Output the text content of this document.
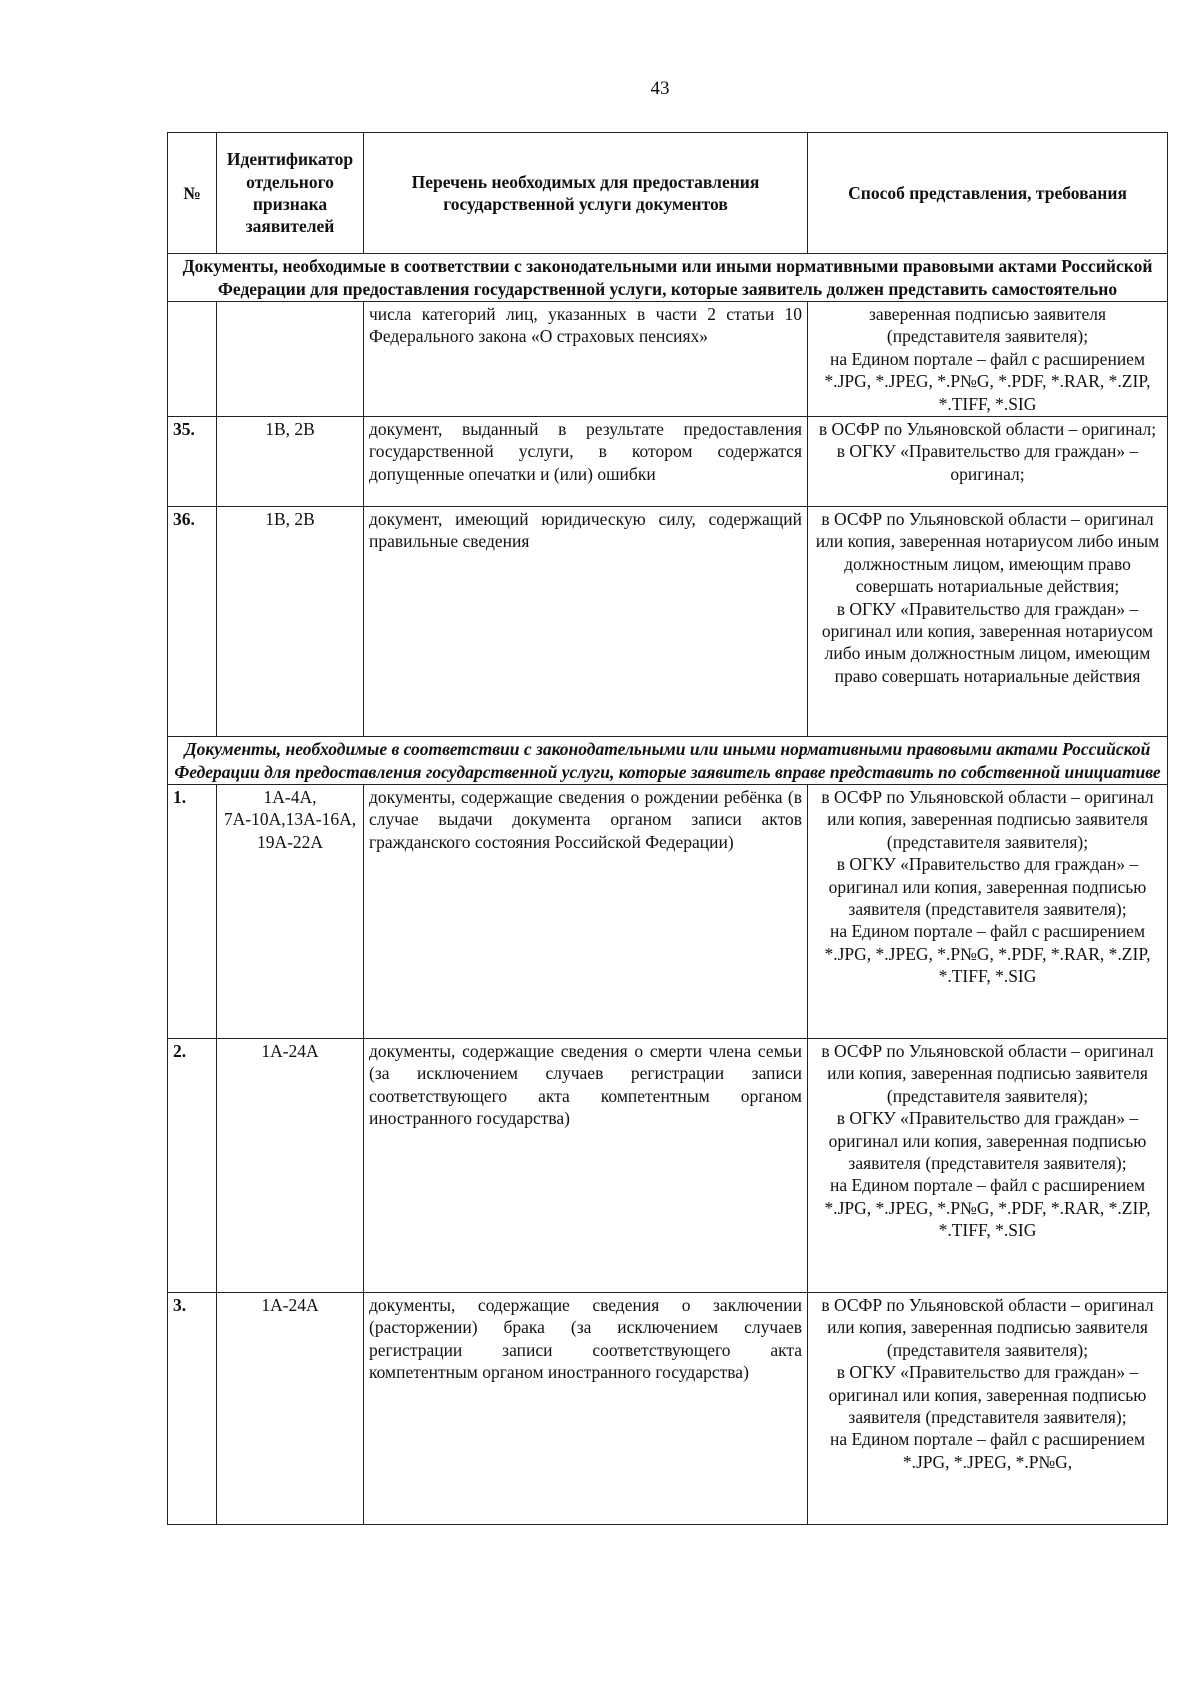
43
№	Идентификатор отдельного признака заявителей	Перечень необходимых для предоставления государственной услуги документов	Способ представления, требования
Документы, необходимые в соответствии с законодательными или иными нормативными правовыми актами Российской Федерации для предоставления государственной услуги, которые заявитель должен представить самостоятельно			
		числа категорий лиц, указанных в части 2 статьи 10 Федерального закона «О страховых пенсиях»	заверенная подписью заявителя (представителя заявителя);
на Едином портале – файл с расширением *.JPG, *.JPEG, *.P№G, *.PDF, *.RAR, *.ZIP, *.TIFF, *.SIG
35.	1B, 2B	документ, выданный в результате предоставления государственной услуги, в котором содержатся допущенные опечатки и (или) ошибки	в ОСФР по Ульяновской области – оригинал;
в ОГКУ «Правительство для граждан» – оригинал;
36.	1B, 2B	документ, имеющий юридическую силу, содержащий правильные сведения	в ОСФР по Ульяновской области – оригинал или копия, заверенная нотариусом либо иным должностным лицом, имеющим право совершать нотариальные действия;
в ОГКУ «Правительство для граждан» – оригинал или копия, заверенная нотариусом либо иным должностным лицом, имеющим право совершать нотариальные действия
Документы, необходимые в соответствии с законодательными или иными нормативными правовыми актами Российской Федерации для предоставления государственной услуги, которые заявитель вправе представить по собственной инициативе			
1.	1А-4А, 7А-10А,13А-16А, 19А-22А	документы, содержащие сведения о рождении ребёнка (в случае выдачи документа органом записи актов гражданского состояния Российской Федерации)	в ОСФР по Ульяновской области – оригинал или копия, заверенная подписью заявителя (представителя заявителя);
в ОГКУ «Правительство для граждан» – оригинал или копия, заверенная подписью заявителя (представителя заявителя);
на Едином портале – файл с расширением *.JPG, *.JPEG, *.P№G, *.PDF, *.RAR, *.ZIP, *.TIFF, *.SIG
2.	1А-24А	документы, содержащие сведения о смерти члена семьи (за исключением случаев регистрации записи соответствующего акта компетентным органом иностранного государства)	в ОСФР по Ульяновской области – оригинал или копия, заверенная подписью заявителя (представителя заявителя);
в ОГКУ «Правительство для граждан» – оригинал или копия, заверенная подписью заявителя (представителя заявителя);
на Едином портале – файл с расширением *.JPG, *.JPEG, *.P№G, *.PDF, *.RAR, *.ZIP, *.TIFF, *.SIG
3.	1А-24А	документы, содержащие сведения о заключении (расторжении) брака (за исключением случаев регистрации записи соответствующего акта компетентным органом иностранного государства)	в ОСФР по Ульяновской области – оригинал или копия, заверенная подписью заявителя (представителя заявителя);
в ОГКУ «Правительство для граждан» – оригинал или копия, заверенная подписью заявителя (представителя заявителя);
на Едином портале – файл с расширением *.JPG, *.JPEG, *.P№G,
